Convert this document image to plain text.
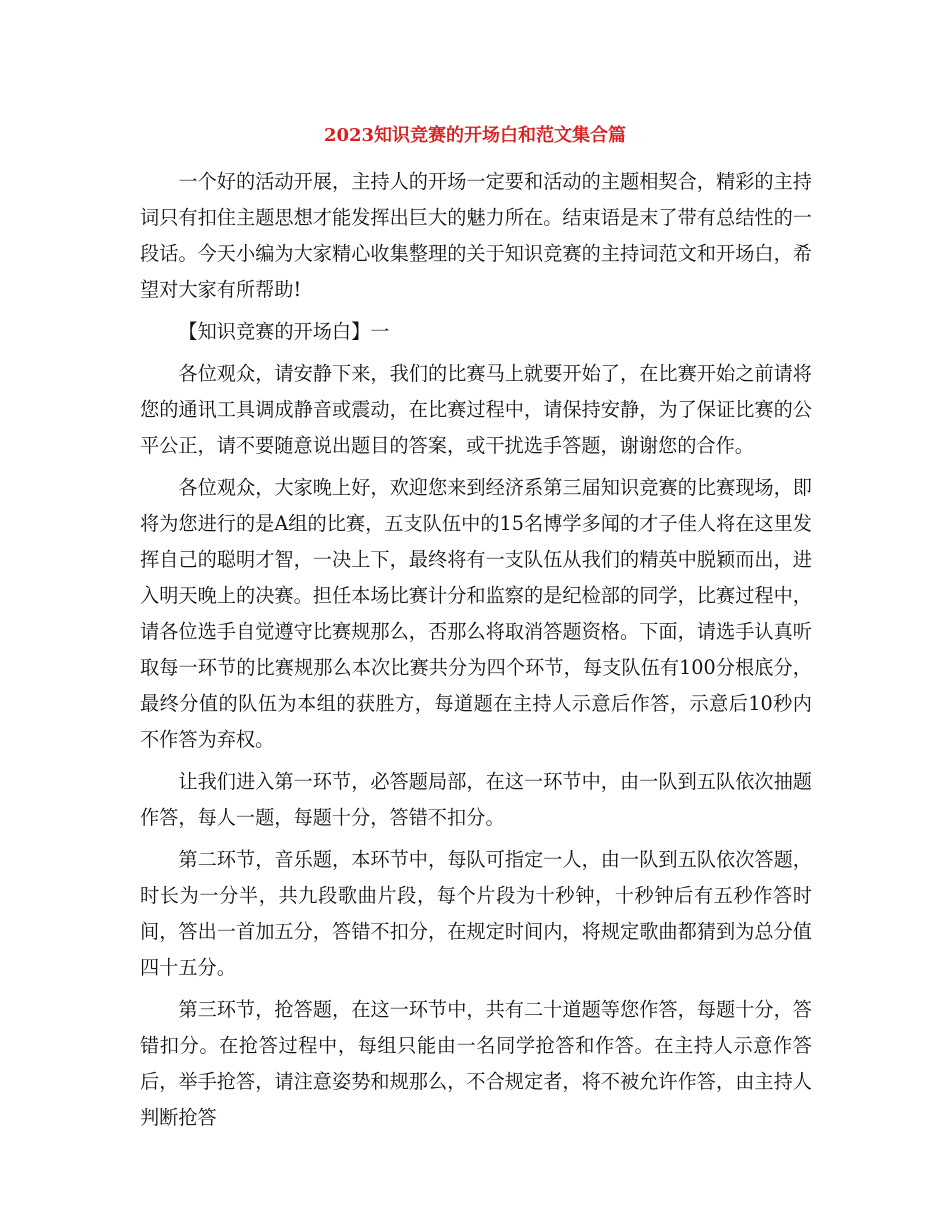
2023知识竞赛的开场白和范文集合篇

一个好的活动开展，主持人的开场一定要和活动的主题相契合，精彩的主持词只有扣住主题思想才能发挥出巨大的魅力所在。结束语是末了带有总结性的一段话。今天小编为大家精心收集整理的关于知识竞赛的主持词范文和开场白，希望对大家有所帮助!

【知识竞赛的开场白】一

各位观众，请安静下来，我们的比赛马上就要开始了，在比赛开始之前请将您的通讯工具调成静音或震动，在比赛过程中，请保持安静，为了保证比赛的公平公正，请不要随意说出题目的答案，或干扰选手答题，谢谢您的合作。

各位观众，大家晚上好，欢迎您来到经济系第三届知识竞赛的比赛现场，即将为您进行的是A组的比赛，五支队伍中的15名博学多闻的才子佳人将在这里发挥自己的聪明才智，一决上下，最终将有一支队伍从我们的精英中脱颖而出，进入明天晚上的决赛。担任本场比赛计分和监察的是纪检部的同学，比赛过程中，请各位选手自觉遵守比赛规那么，否那么将取消答题资格。下面，请选手认真听取每一环节的比赛规那么本次比赛共分为四个环节，每支队伍有100分根底分，最终分值的队伍为本组的获胜方，每道题在主持人示意后作答，示意后10秒内不作答为弃权。

让我们进入第一环节，必答题局部，在这一环节中，由一队到五队依次抽题作答，每人一题，每题十分，答错不扣分。

第二环节，音乐题，本环节中，每队可指定一人，由一队到五队依次答题，时长为一分半，共九段歌曲片段，每个片段为十秒钟，十秒钟后有五秒作答时间，答出一首加五分，答错不扣分，在规定时间内，将规定歌曲都猜到为总分值四十五分。

第三环节，抢答题，在这一环节中，共有二十道题等您作答，每题十分，答错扣分。在抢答过程中，每组只能由一名同学抢答和作答。在主持人示意作答后，举手抢答，请注意姿势和规那么，不合规定者，将不被允许作答，由主持人判断抢答
